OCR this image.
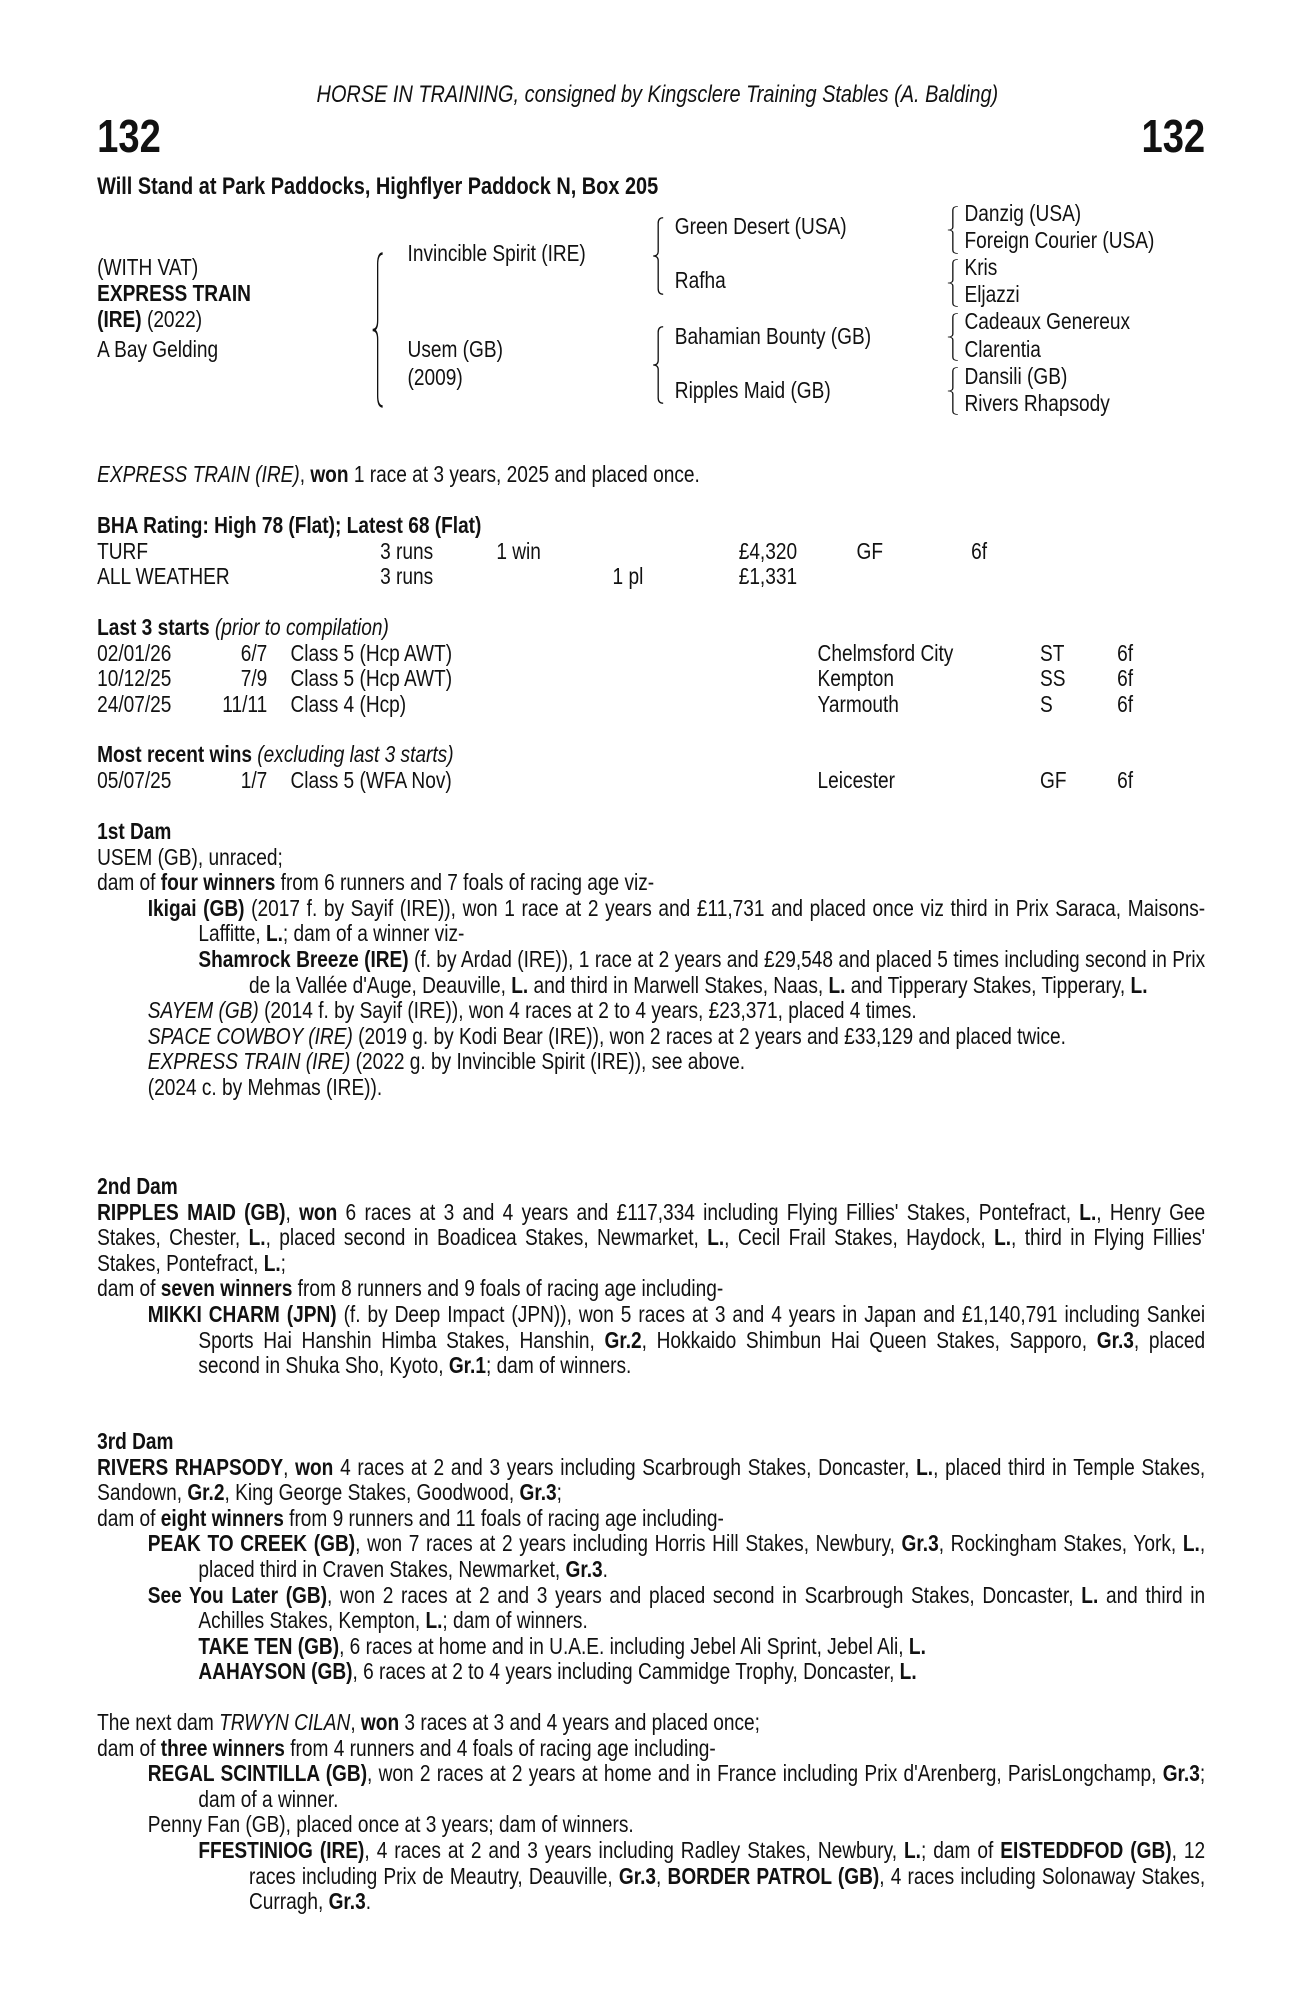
HORSE IN TRAINING, consigned by Kingsclere Training Stables (A. Balding)
132	132
Will Stand at Park Paddocks, Highflyer Paddock N, Box 205
(WITH VAT)
EXPRESS TRAIN
(IRE) (2022)
A Bay Gelding
Invincible Spirit (IRE)
Usem (GB)
(2009)
Green Desert (USA)
Rafha
Bahamian Bounty (GB)
Ripples Maid (GB)
Danzig (USA)
Foreign Courier (USA)
Kris
Eljazzi
Cadeaux Genereux
Clarentia
Dansili (GB)
Rivers Rhapsody
EXPRESS TRAIN (IRE), won 1 race at 3 years, 2025 and placed once.
BHA Rating: High 78 (Flat); Latest 68 (Flat)
TURF	3 runs	1 win	£4,320	GF	6f
ALL WEATHER	3 runs	1 pl	£1,331
Last 3 starts (prior to compilation)
02/01/26	6/7 Class 5 (Hcp AWT)	Chelmsford City	ST 6f
10/12/25	7/9 Class 5 (Hcp AWT)	Kempton	SS 6f
24/07/25 11/11 Class 4 (Hcp)	Yarmouth	S	6f
Most recent wins (excluding last 3 starts)
05/07/25	1/7 Class 5 (WFA Nov)	Leicester	GF 6f
1st Dam
USEM (GB), unraced;
dam of four winners from 6 runners and 7 foals of racing age viz-
Ikigai (GB) (2017 f. by Sayif (IRE)), won 1 race at 2 years and £11,731 and placed once viz third in Prix Saraca, Maisons-Laffitte, L.; dam of a winner viz-
Shamrock Breeze (IRE) (f. by Ardad (IRE)), 1 race at 2 years and £29,548 and placed 5 times including second in Prix de la Vallée d'Auge, Deauville, L. and third in Marwell Stakes, Naas, L. and Tipperary Stakes, Tipperary, L.
SAYEM (GB) (2014 f. by Sayif (IRE)), won 4 races at 2 to 4 years, £23,371, placed 4 times.
SPACE COWBOY (IRE) (2019 g. by Kodi Bear (IRE)), won 2 races at 2 years and £33,129 and placed twice.
EXPRESS TRAIN (IRE) (2022 g. by Invincible Spirit (IRE)), see above.
(2024 c. by Mehmas (IRE)).
2nd Dam
RIPPLES MAID (GB), won 6 races at 3 and 4 years and £117,334 including Flying Fillies' Stakes, Pontefract, L., Henry Gee Stakes, Chester, L., placed second in Boadicea Stakes, Newmarket, L., Cecil Frail Stakes, Haydock, L., third in Flying Fillies' Stakes, Pontefract, L.;
dam of seven winners from 8 runners and 9 foals of racing age including-
MIKKI CHARM (JPN) (f. by Deep Impact (JPN)), won 5 races at 3 and 4 years in Japan and £1,140,791 including Sankei Sports Hai Hanshin Himba Stakes, Hanshin, Gr.2, Hokkaido Shimbun Hai Queen Stakes, Sapporo, Gr.3, placed second in Shuka Sho, Kyoto, Gr.1; dam of winners.
3rd Dam
RIVERS RHAPSODY, won 4 races at 2 and 3 years including Scarbrough Stakes, Doncaster, L., placed third in Temple Stakes, Sandown, Gr.2, King George Stakes, Goodwood, Gr.3;
dam of eight winners from 9 runners and 11 foals of racing age including-
PEAK TO CREEK (GB), won 7 races at 2 years including Horris Hill Stakes, Newbury, Gr.3, Rockingham Stakes, York, L., placed third in Craven Stakes, Newmarket, Gr.3.
See You Later (GB), won 2 races at 2 and 3 years and placed second in Scarbrough Stakes, Doncaster, L. and third in Achilles Stakes, Kempton, L.; dam of winners.
TAKE TEN (GB), 6 races at home and in U.A.E. including Jebel Ali Sprint, Jebel Ali, L.
AAHAYSON (GB), 6 races at 2 to 4 years including Cammidge Trophy, Doncaster, L.
The next dam TRWYN CILAN, won 3 races at 3 and 4 years and placed once;
dam of three winners from 4 runners and 4 foals of racing age including-
REGAL SCINTILLA (GB), won 2 races at 2 years at home and in France including Prix d'Arenberg, ParisLongchamp, Gr.3; dam of a winner.
Penny Fan (GB), placed once at 3 years; dam of winners.
FFESTINIOG (IRE), 4 races at 2 and 3 years including Radley Stakes, Newbury, L.; dam of EISTEDDFOD (GB), 12 races including Prix de Meautry, Deauville, Gr.3, BORDER PATROL (GB), 4 races including Solonaway Stakes, Curragh, Gr.3.
